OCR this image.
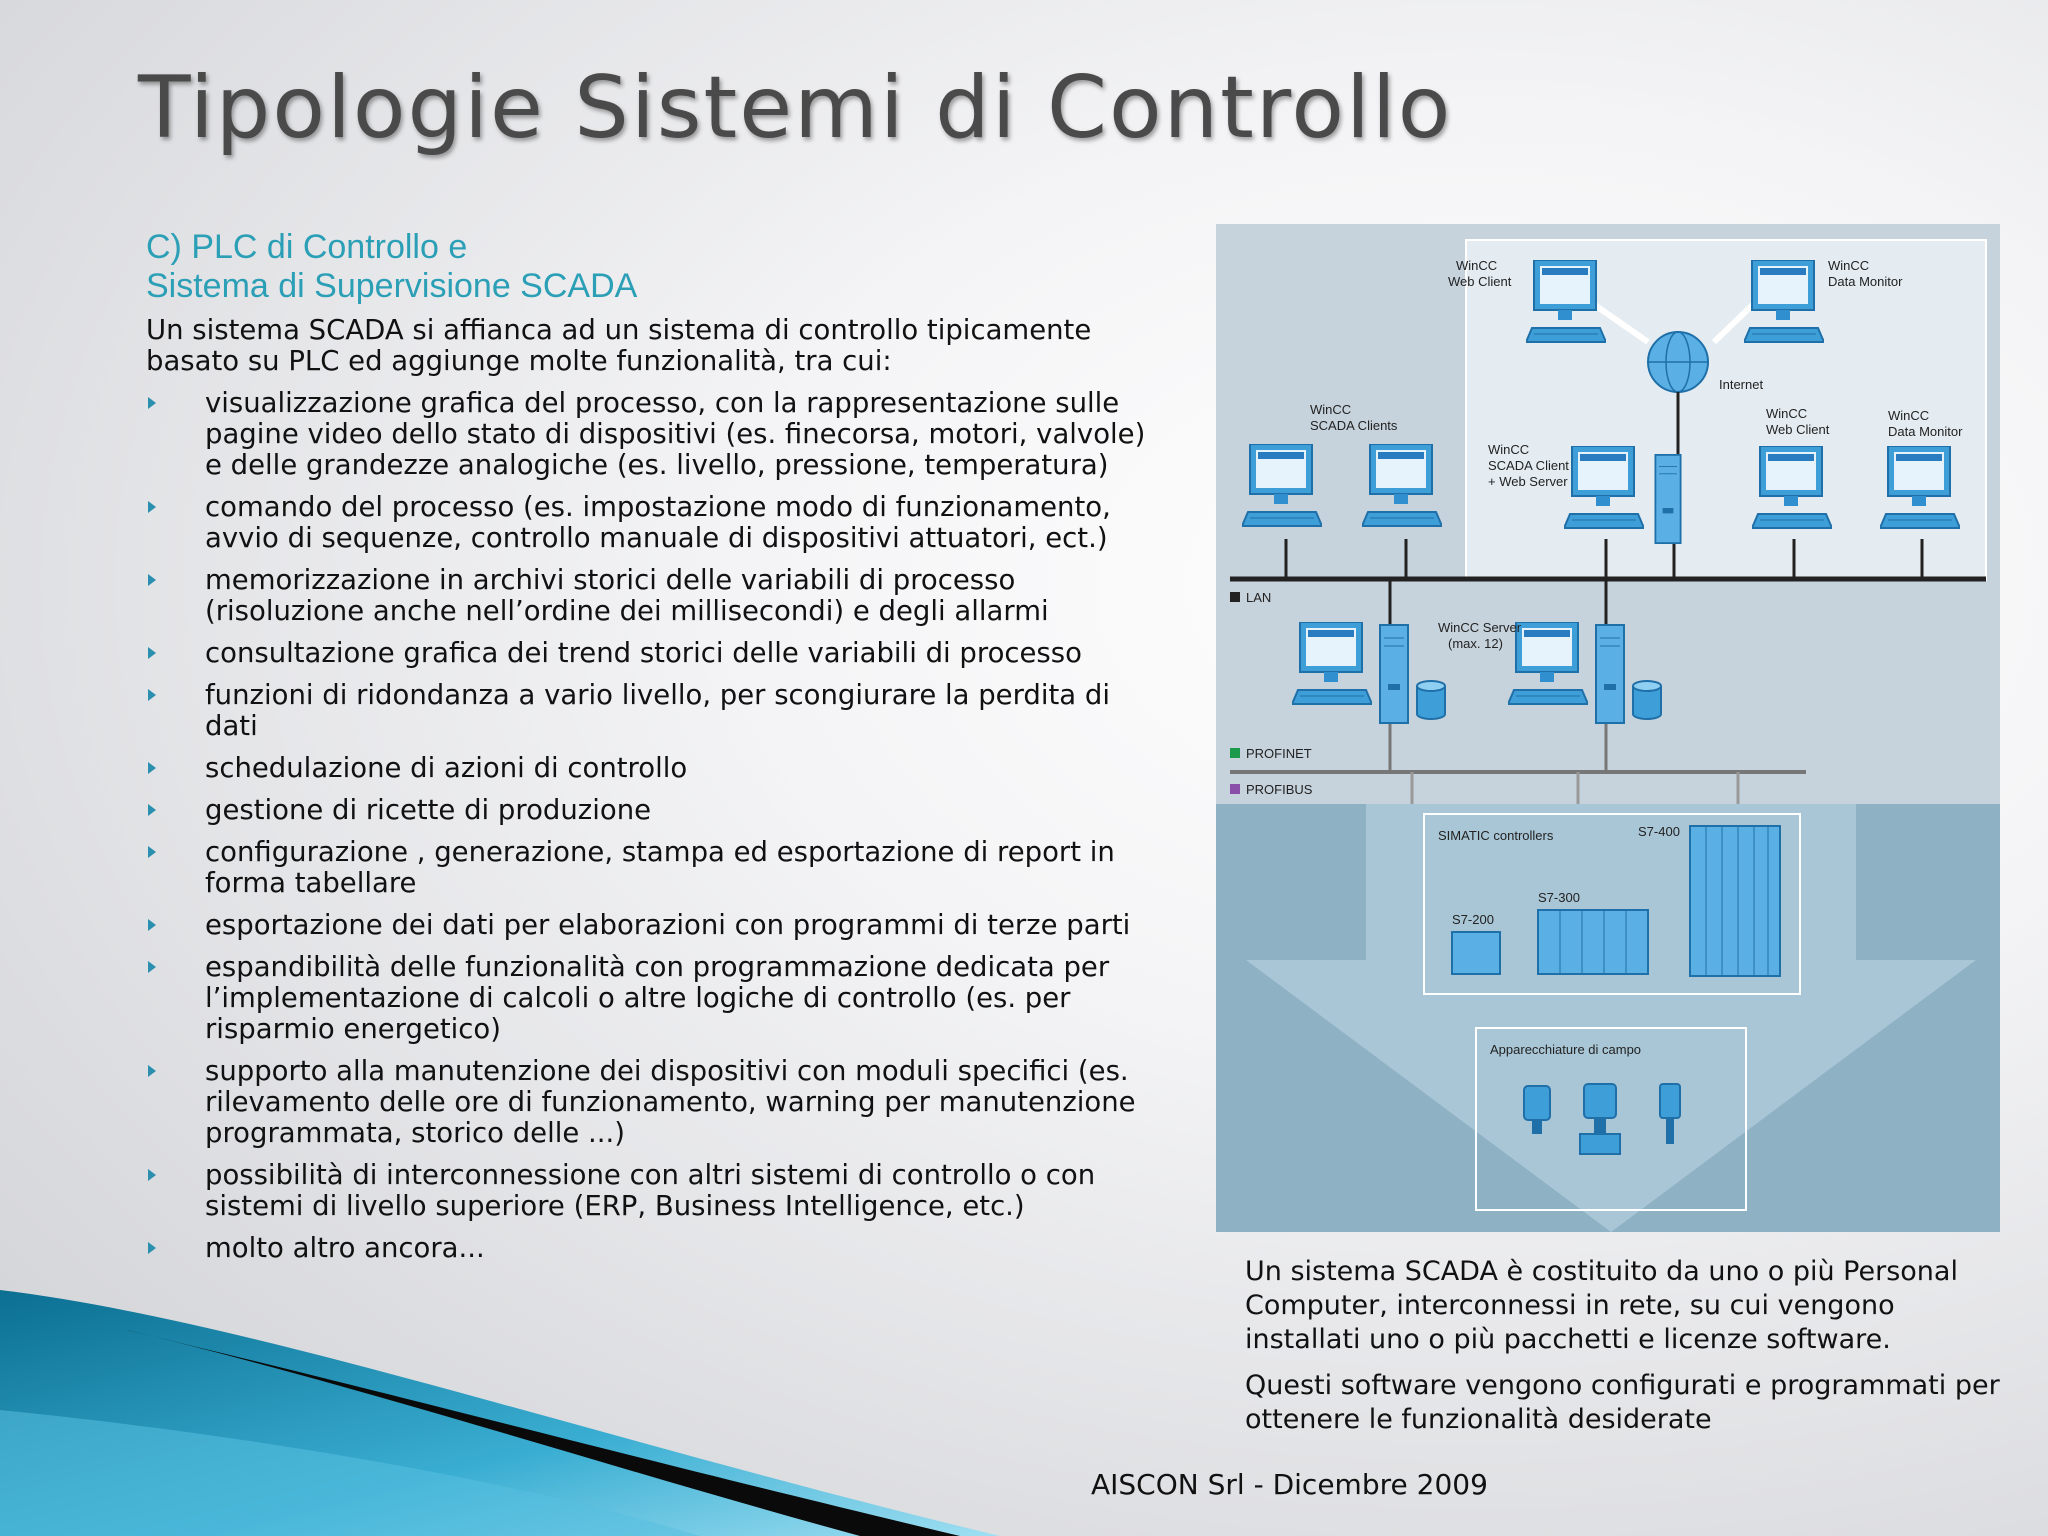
Tipologie Sistemi di Controllo
C) PLC di Controllo e
Sistema di Supervisione SCADA

Un sistema SCADA si affianca ad un sistema di controllo tipicamente basato su PLC ed aggiunge molte funzionalità, tra cui:

visualizzazione grafica del processo, con la rappresentazione sulle pagine video dello stato di dispositivi (es. finecorsa, motori, valvole) e delle grandezze analogiche (es. livello, pressione, temperatura)
comando del processo (es. impostazione modo di funzionamento, avvio di sequenze, controllo manuale di dispositivi attuatori, ect.)
memorizzazione in archivi storici delle variabili di processo (risoluzione anche nell’ordine dei millisecondi) e degli allarmi
consultazione grafica dei trend storici delle variabili di processo
funzioni di ridondanza a vario livello, per scongiurare la perdita di dati
schedulazione di azioni di controllo
gestione di ricette di produzione
configurazione , generazione, stampa ed esportazione di report in forma tabellare
esportazione dei dati per elaborazioni con programmi di terze parti
espandibilità delle funzionalità con programmazione dedicata per l’implementazione di calcoli o altre logiche di controllo (es. per risparmio energetico)
supporto alla manutenzione dei dispositivi con moduli specifici (es. rilevamento delle ore di funzionamento, warning per manutenzione programmata, storico delle ...)
possibilità di interconnessione con altri sistemi di controllo o con sistemi di livello superiore (ERP, Business Intelligence, etc.)
molto altro ancora...
WinCC Web Client
WinCC Data Monitor
Internet
WinCC SCADA Clients
WinCC SCADA Client + Web Server
WinCC Web Client
WinCC Data Monitor
LAN
WinCC Server (max. 12)
PROFINET
PROFIBUS
SIMATIC controllers	S7-400
S7-300
S7-200
Apparecchiature di campo

Un sistema SCADA è costituito da uno o più Personal Computer, interconnessi in rete, su cui vengono installati uno o più pacchetti e licenze software.

Questi software vengono configurati e programmati per ottenere le funzionalità desiderate

AISCON Srl - Dicembre 2009
